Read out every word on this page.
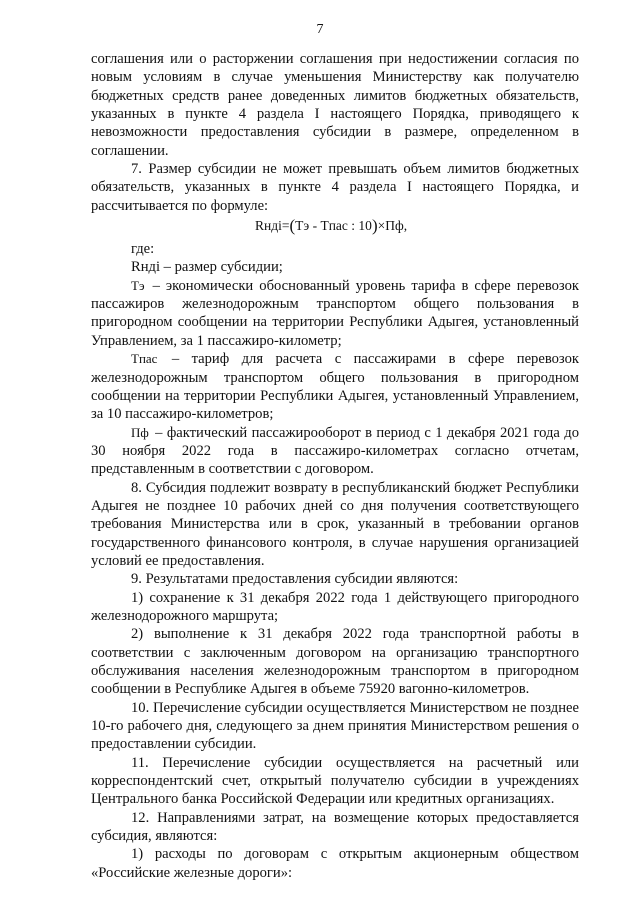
7

соглашения или о расторжении соглашения при недостижении согласия по новым условиям в случае уменьшения Министерству как получателю бюджетных средств ранее доведенных лимитов бюджетных обязательств, указанных в пункте 4 раздела I настоящего Порядка, приводящего к невозможности предоставления субсидии в размере, определенном в соглашении.

7. Размер субсидии не может превышать объем лимитов бюджетных обязательств, указанных в пункте 4 раздела I настоящего Порядка, и рассчитывается по формуле:

Rнді=(Tэ - Tпас : 10)×Пф,

где:

Rнді – размер субсидии;

Tэ – экономически обоснованный уровень тарифа в сфере перевозок пассажиров железнодорожным транспортом общего пользования в пригородном сообщении на территории Республики Адыгея, установленный Управлением, за 1 пассажиро-километр;

Tпас – тариф для расчета с пассажирами в сфере перевозок железнодорожным транспортом общего пользования в пригородном сообщении на территории Республики Адыгея, установленный Управлением, за 10 пассажиро-километров;

Пф – фактический пассажирооборот в период с 1 декабря 2021 года до 30 ноября 2022 года в пассажиро-километрах согласно отчетам, представленным в соответствии с договором.

8. Субсидия подлежит возврату в республиканский бюджет Республики Адыгея не позднее 10 рабочих дней со дня получения соответствующего требования Министерства или в срок, указанный в требовании органов государственного финансового контроля, в случае нарушения организацией условий ее предоставления.

9. Результатами предоставления субсидии являются:

1) сохранение к 31 декабря 2022 года 1 действующего пригородного железнодорожного маршрута;

2) выполнение к 31 декабря 2022 года транспортной работы в соответствии с заключенным договором на организацию транспортного обслуживания населения железнодорожным транспортом в пригородном сообщении в Республике Адыгея в объеме 75920 вагонно-километров.

10. Перечисление субсидии осуществляется Министерством не позднее 10-го рабочего дня, следующего за днем принятия Министерством решения о предоставлении субсидии.

11. Перечисление субсидии осуществляется на расчетный или корреспондентский счет, открытый получателю субсидии в учреждениях Центрального банка Российской Федерации или кредитных организациях.

12. Направлениями затрат, на возмещение которых предоставляется субсидия, являются:

1) расходы по договорам с открытым акционерным обществом «Российские железные дороги»:
